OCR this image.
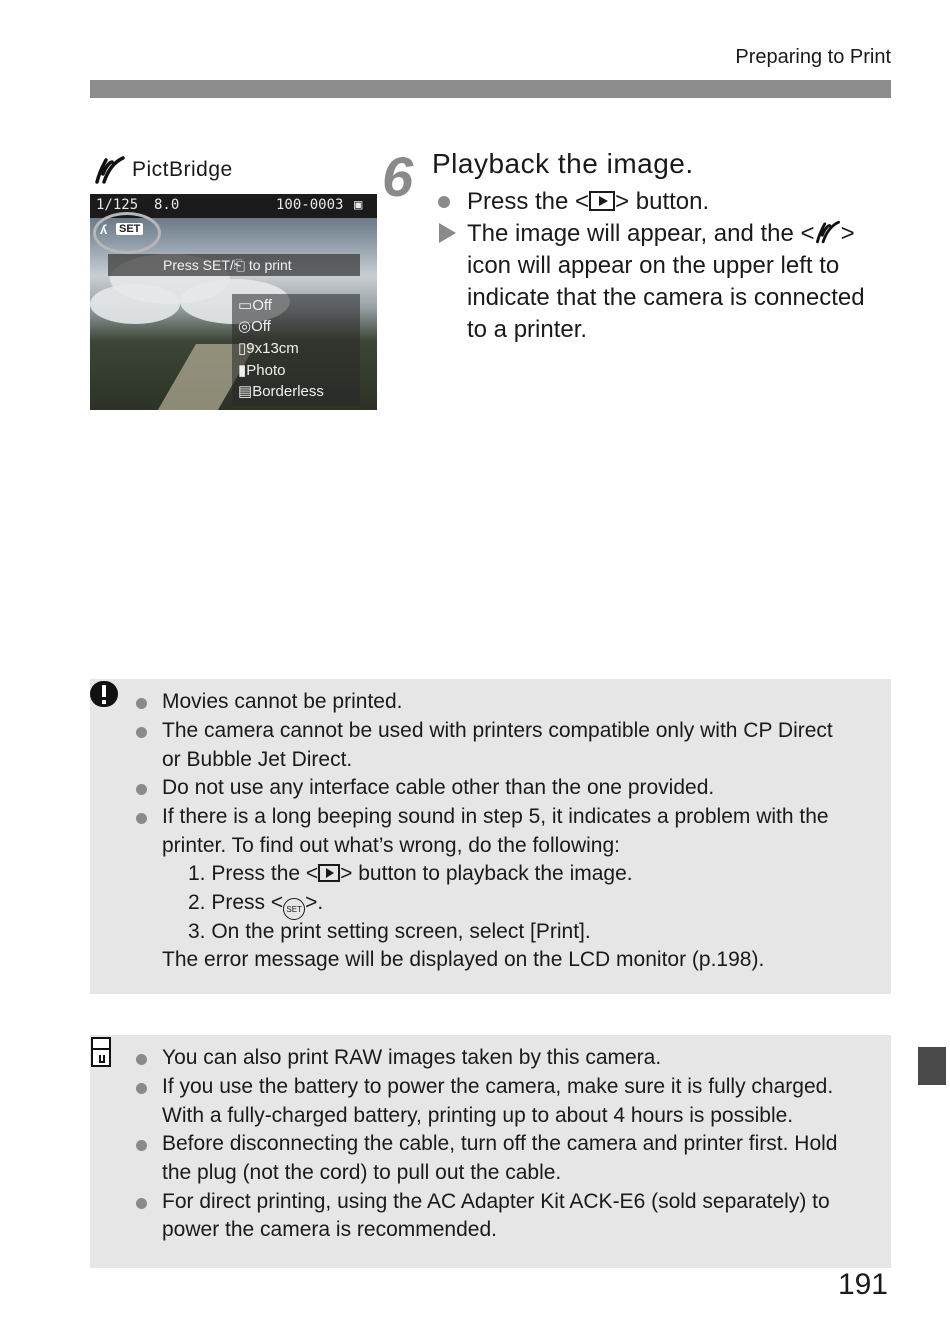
Preparing to Print
PictBridge
1/125 8.0	100-0003 ▣
ʎ SET
Press SET/⎗ to print
▭Off
◎Off
▯9x13cm
▮Photo
▤Borderless
6 Playback the image.
Press the < > button.
The image will appear, and the < >
icon will appear on the upper left to
indicate that the camera is connected
to a printer.
Movies cannot be printed.
The camera cannot be used with printers compatible only with CP Direct
or Bubble Jet Direct.
Do not use any interface cable other than the one provided.
If there is a long beeping sound in step 5, it indicates a problem with the
printer. To find out what’s wrong, do the following:
1. Press the < > button to playback the image.
2. Press < SET >.
3. On the print setting screen, select [Print].
The error message will be displayed on the LCD monitor (p.198).
You can also print RAW images taken by this camera.
If you use the battery to power the camera, make sure it is fully charged.
With a fully-charged battery, printing up to about 4 hours is possible.
Before disconnecting the cable, turn off the camera and printer first. Hold
the plug (not the cord) to pull out the cable.
For direct printing, using the AC Adapter Kit ACK-E6 (sold separately) to
power the camera is recommended.
191
